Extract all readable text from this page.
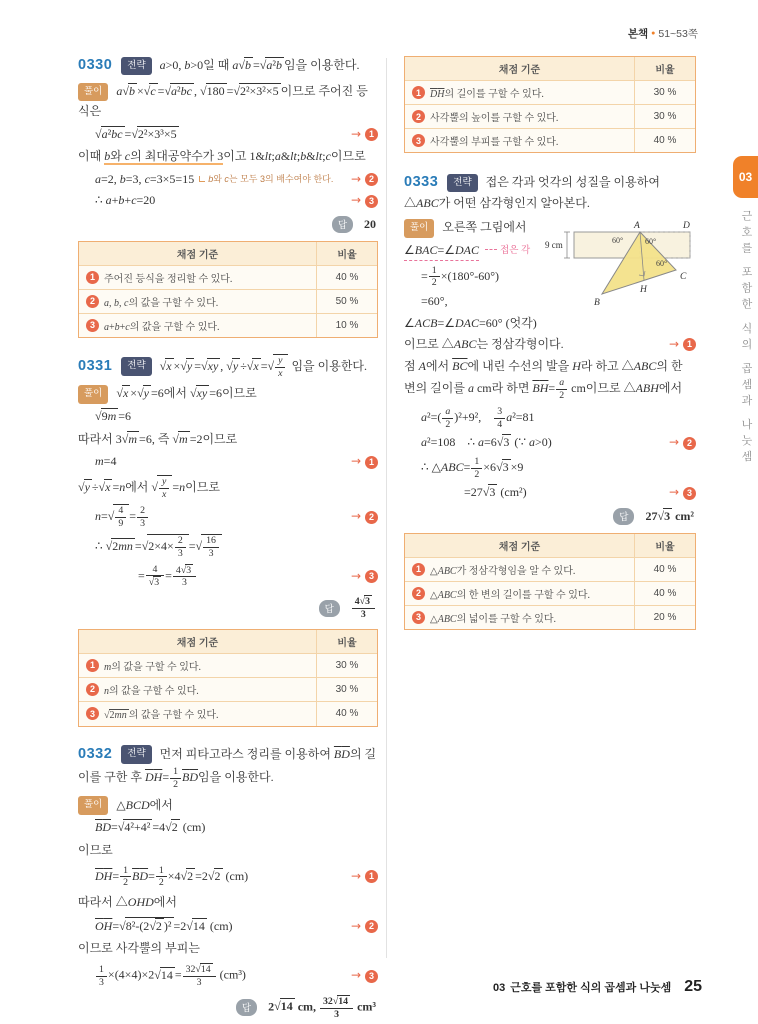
본책 ● 51~53쪽
03
근호를 포함한 식의 곱셈과 나눗셈

0330 전략 a>0, b>0일 때 a√b =√a²b 임을 이용한다.

풀이 a√b ×√c =√a²bc , √180 =√2²×3²×5 이므로 주어진 등식은

√a²bc =√2²×3³×5	→ 1

이때 b와 c의 최대공약수가 3이고 1&lt;a&lt;b&lt;c이므로

a=2, b=3, c=3×5=15	b와 c는 모두 3의 배수여야 한다. → 2
∴ a+b+c=20	→ 3
답	20
채점 기준	비율
1 주어진 등식을 정리할 수 있다.	40 %
2 a, b, c의 값을 구할 수 있다.	50 %
3 a+b+c의 값을 구할 수 있다.	10 %

0331 전략 √x ×√y =√xy , √y ÷√x =√ $\frac{y}{x}$ 임을 이용한다.

풀이 √x ×√y =6에서 √xy =6이므로

√9m =6

따라서 3√m =6, 즉 √m =2이므로

m=4	→ 1

√y ÷√x =n에서 √ $\frac{y}{x} =n$이므로

$n=√ \frac{4}{9} = \frac{2}{3}$	→ 2
∴ $√2mn =√2\times 4\times \frac{2}{3}$ =√ $\frac{16}{3}$
= $\frac{4}{√3} = \frac{4√3}{3}$	→ 3
답	$\frac{4√3}{3}$
채점 기준	비율
1 m의 값을 구할 수 있다.	30 %
2 n의 값을 구할 수 있다.	30 %
3 √2mn 의 값을 구할 수 있다.	40 %

0332 전략 먼저 피타고라스 정리를 이용하여 BD의 길이를 구한 후 $DH= \frac{1}{2}$ BD임을 이용한다.

풀이 △BCD에서

BD=√4²+4² =4√2 (cm)

이므로

$DH= \frac{1}{2} BD= \frac{1}{2} \times 4√2 =2√2$ (cm)	→ 1

따라서 △OHD에서

OH=√8²-(2√2 )² =2√14 (cm)	→ 2

이므로 사각뿔의 부피는

$\frac{1}{3} \times(4\times 4)\times 2√14 = \frac{32√14}{3} (cm^3)$	→ 3
답	2√14 cm, $\frac{32√14}{3} cm^3$
채점 기준	비율
1 DH의 길이를 구할 수 있다.	30 %
2 사각뿔의 높이를 구할 수 있다.	30 %
3 사각뿔의 부피를 구할 수 있다.	40 %

0333 전략 접은 각과 엇각의 성질을 이용하여 △ABC가 어떤 삼각형인지 알아본다.

9 cm
A	D
B
H
C
60°	60°
60°

풀이 오른쪽 그림에서

∠BAC=∠DAC	접은 각
= $\frac{1}{2} \times(180^\circ-60^\circ)$
=60°,
∠ACB=∠DAC=60° (엇각)
이므로 △ABC는 정삼각형이다.	→ 1

점 A에서 BC에 내린 수선의 발을 H라 하고 △ABC의 한 변의 길이를 a cm라 하면 $BH= \frac{a}{2}$ cm이므로 △ABH에서

$a^2=( \frac{a}{2} )^2+9^2$,   $\frac{3}{4} a^2=81$
a²=108  ∴ a=6√3 (∵ a>0)	→ 2
∴ △ABC= $\frac{1}{2} \times 6√3 \times 9$
=27√3 (cm²)	→ 3
답	27√3 cm²
채점 기준	비율
1 △ABC가 정삼각형임을 알 수 있다.	40 %
2 △ABC의 한 변의 길이를 구할 수 있다.	40 %
3 △ABC의 넓이를 구할 수 있다.	20 %
03 근호를 포함한 식의 곱셈과 나눗셈 25
